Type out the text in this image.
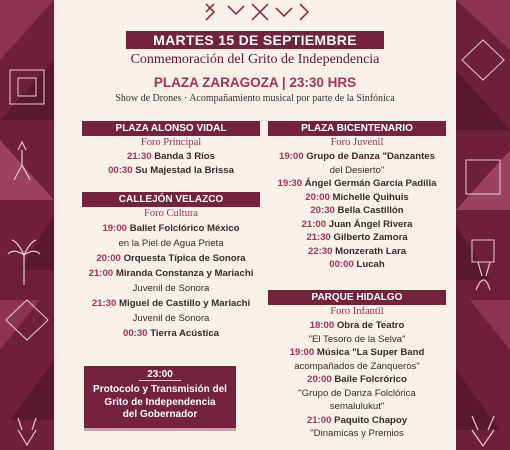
MARTES 15 DE SEPTIEMBRE
Conmemoración del Grito de Independencia
PLAZA ZARAGOZA | 23:30 HRS
Show de Drones · Acompañamiento musical por parte de la Sinfónica
PLAZA ALONSO VIDAL
Foro Principal
21:30 Banda 3 Ríos
00:30 Su Majestad la Brissa
CALLEJÓN VELAZCO
Foro Cultura
19:00 Ballet Folclórico México
en la Piel de Agua Prieta
20:00 Orquesta Típica de Sonora
21:00 Miranda Constanza y Mariachi
Juvenil de Sonora
21:30 Miguel de Castillo y Mariachi
Juvenil de Sonora
00:30 Tierra Acústica
23:00
Protocolo y Transmisión del
Grito de Independencia
del Gobernador
PLAZA BICENTENARIO
Foro Juvenil
19:00 Grupo de Danza "Danzantes
del Desierto"
19:30 Ángel Germán García Padilla
20:00 Michelle Quihuis
20:30 Bella Castillón
21:00 Juan Ángel Rivera
21:30 Gilberto Zamora
22:30 Monzerath Lara
00:00 Lucah
PARQUE HIDALGO
Foro Infantil
18:00 Obra de Teatro
"El Tesoro de la Selva"
19:00 Música "La Super Band
acompañados de Zanqueros"
20:00 Baile Folcrórico
"Grupo de Danza Folclórica
semalulukut"
21:00 Paquito Chapoy
"Dinamicas y Premios
